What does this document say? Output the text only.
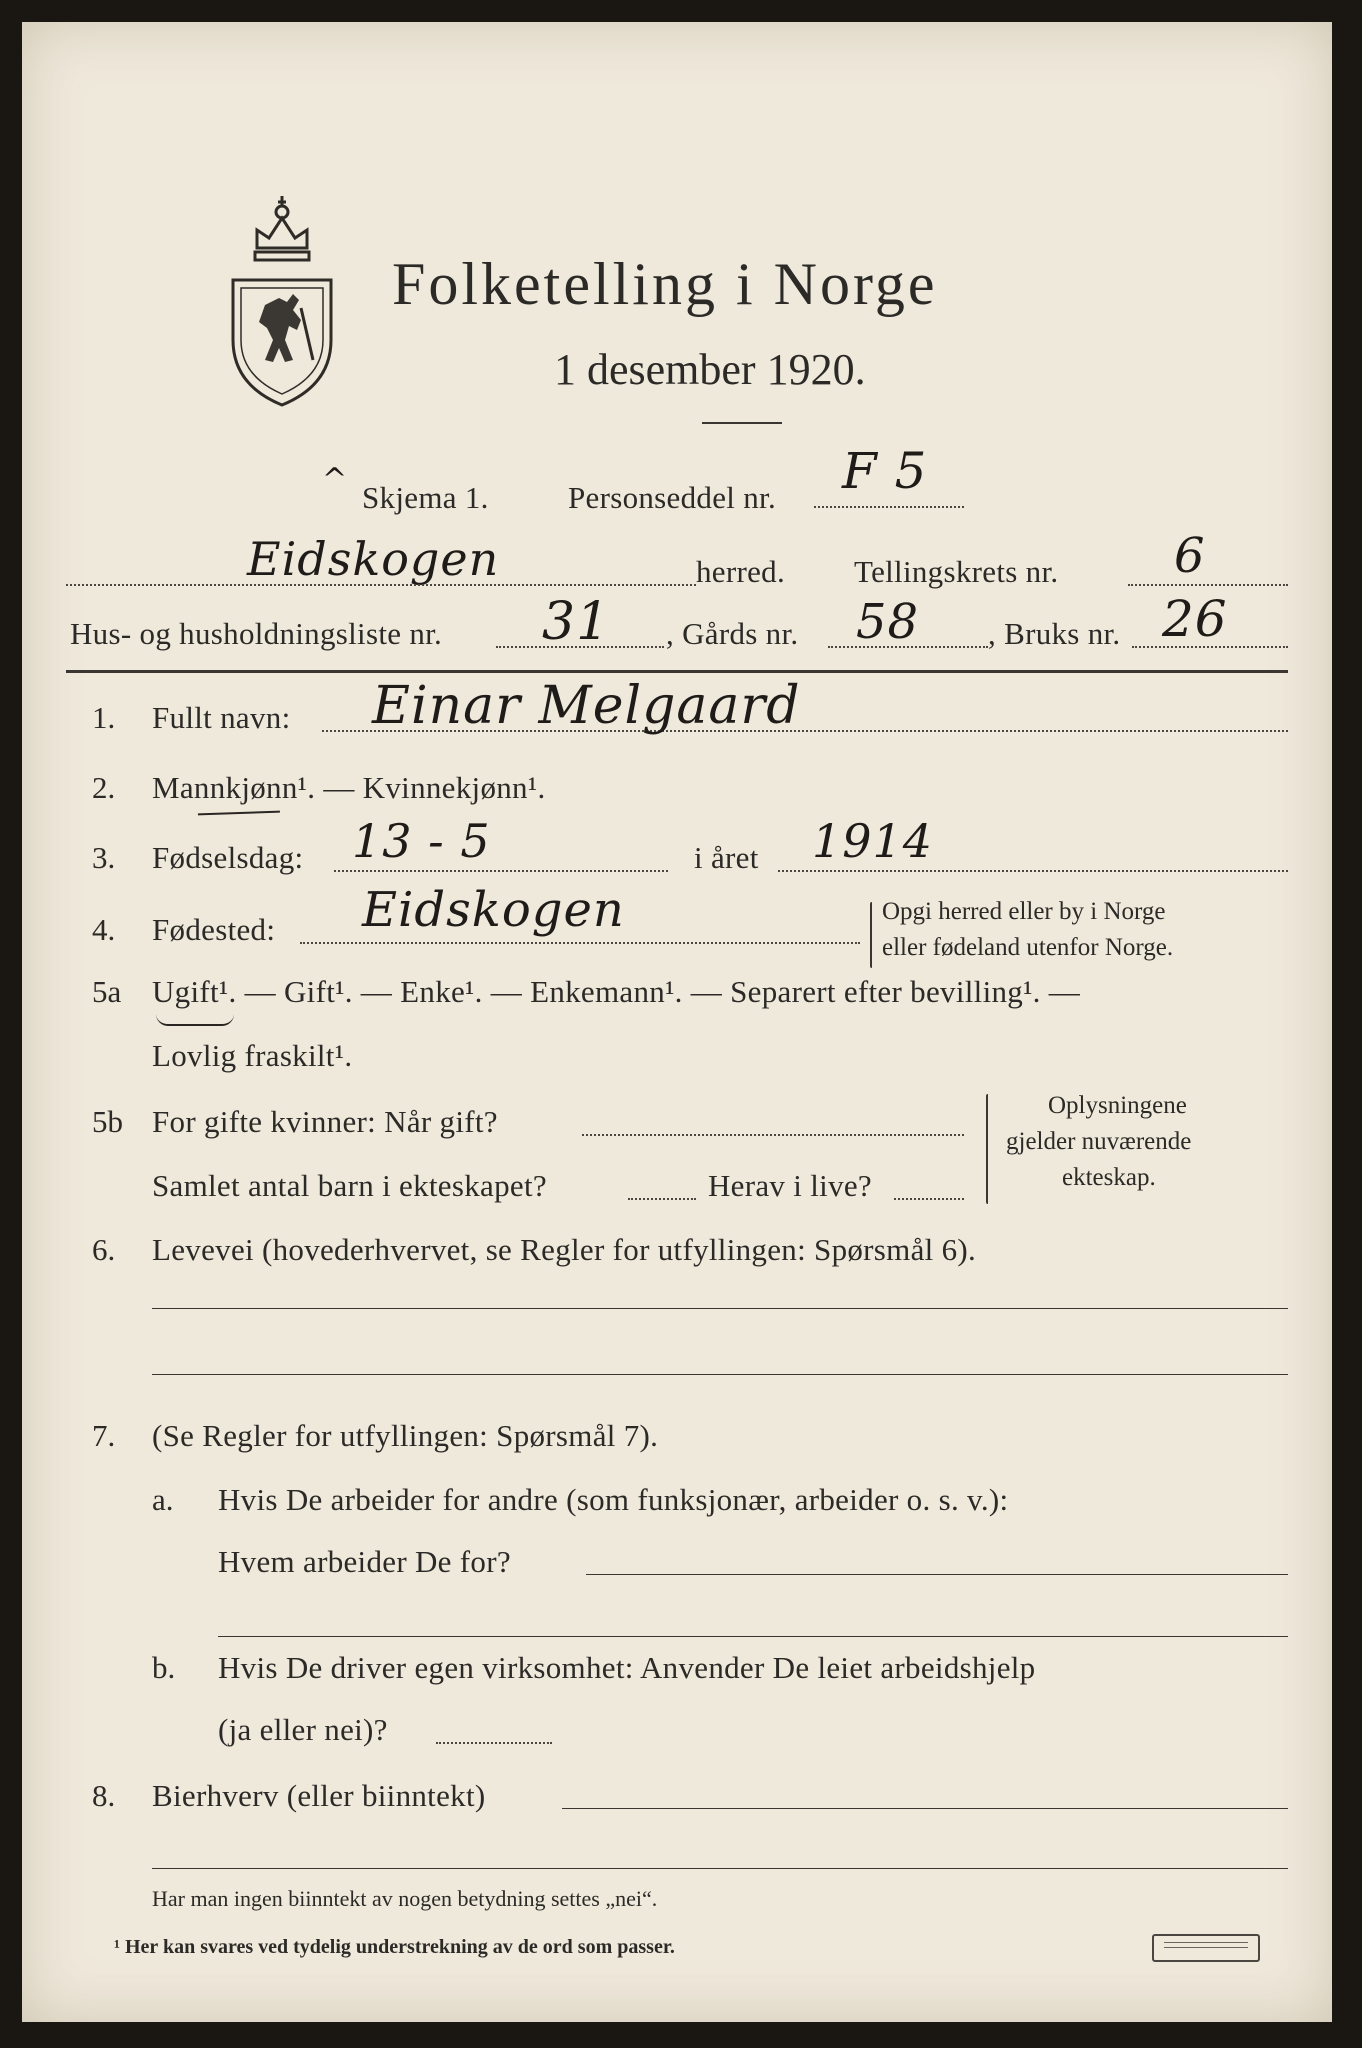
Folketelling i Norge
1 desember 1920.
^
Skjema 1.	Personseddel nr. F 5
Eidskogen	herred. Tellingskrets nr. 6
Hus- og husholdningsliste nr. 31 , Gårds nr. 58 , Bruks nr. 26
1. Fullt navn: Einar Melgaard
2. Mannkjønn¹. — Kvinnekjønn¹.
3. Fødselsdag: 13 - 5	i året 1914
4. Fødested: Eidskogen	Opgi herred eller by i Norge
eller fødeland utenfor Norge.
5a Ugift¹. — Gift¹. — Enke¹. — Enkemann¹. — Separert efter bevilling¹. —
Lovlig fraskilt¹.
5b For gifte kvinner: Når gift?
Samlet antal barn i ekteskapet?	Herav i live?
Oplysningene
gjelder nuværende
ekteskap.
6. Levevei (hovederhvervet, se Regler for utfyllingen: Spørsmål 6).
7. (Se Regler for utfyllingen: Spørsmål 7).
a. Hvis De arbeider for andre (som funksjonær, arbeider o. s. v.):
Hvem arbeider De for?
b. Hvis De driver egen virksomhet: Anvender De leiet arbeidshjelp
(ja eller nei)?
8. Bierhverv (eller biinntekt)
Har man ingen biinntekt av nogen betydning settes „nei“.
¹ Her kan svares ved tydelig understrekning av de ord som passer.
